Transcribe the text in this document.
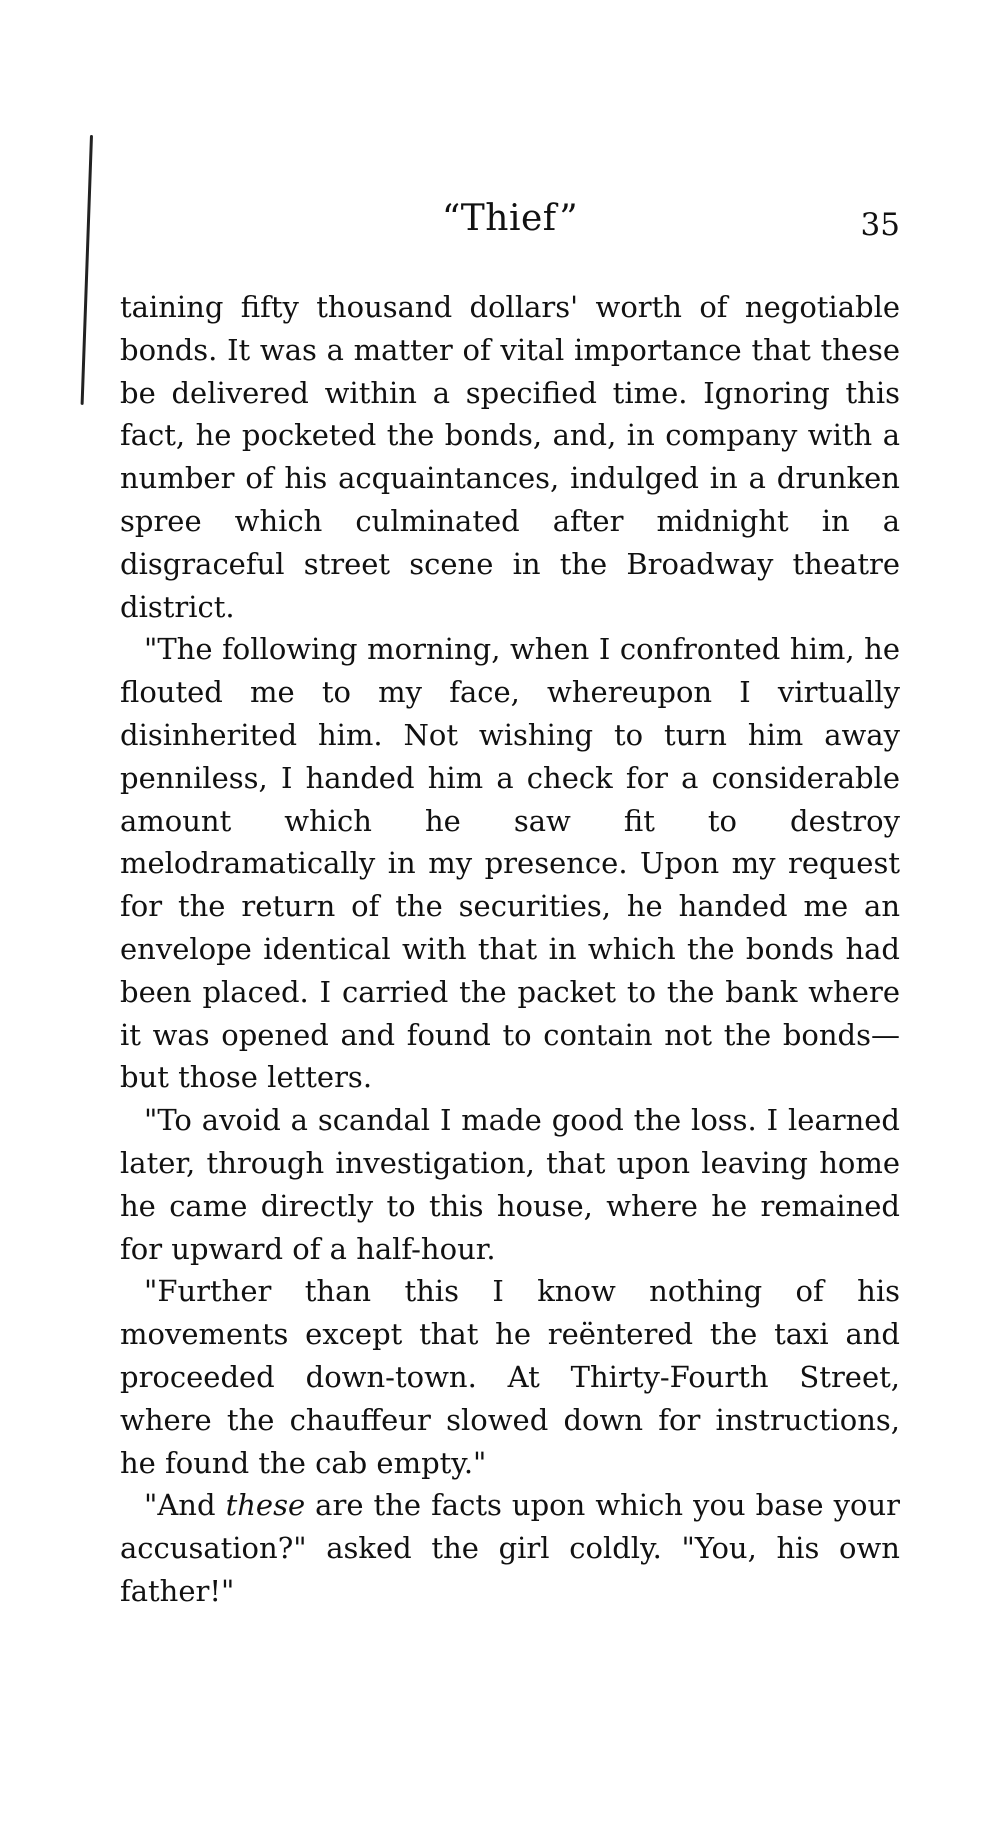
“Thief”	35

taining fifty thousand dollars' worth of negotiable bonds. It was a matter of vital importance that these be delivered within a specified time. Ignoring this fact, he pocketed the bonds, and, in company with a number of his acquaintances, indulged in a drunken spree which culminated after midnight in a disgraceful street scene in the Broadway theatre district.

"The following morning, when I confronted him, he flouted me to my face, whereupon I virtually disinherited him. Not wishing to turn him away penniless, I handed him a check for a considerable amount which he saw fit to destroy melodramatically in my presence. Upon my request for the return of the securities, he handed me an envelope identical with that in which the bonds had been placed. I carried the packet to the bank where it was opened and found to contain not the bonds—but those letters.

"To avoid a scandal I made good the loss. I learned later, through investigation, that upon leaving home he came directly to this house, where he remained for upward of a half-hour.

"Further than this I know nothing of his movements except that he reëntered the taxi and proceeded down-town. At Thirty-Fourth Street, where the chauffeur slowed down for instructions, he found the cab empty."

"And these are the facts upon which you base your accusation?" asked the girl coldly. "You, his own father!"
